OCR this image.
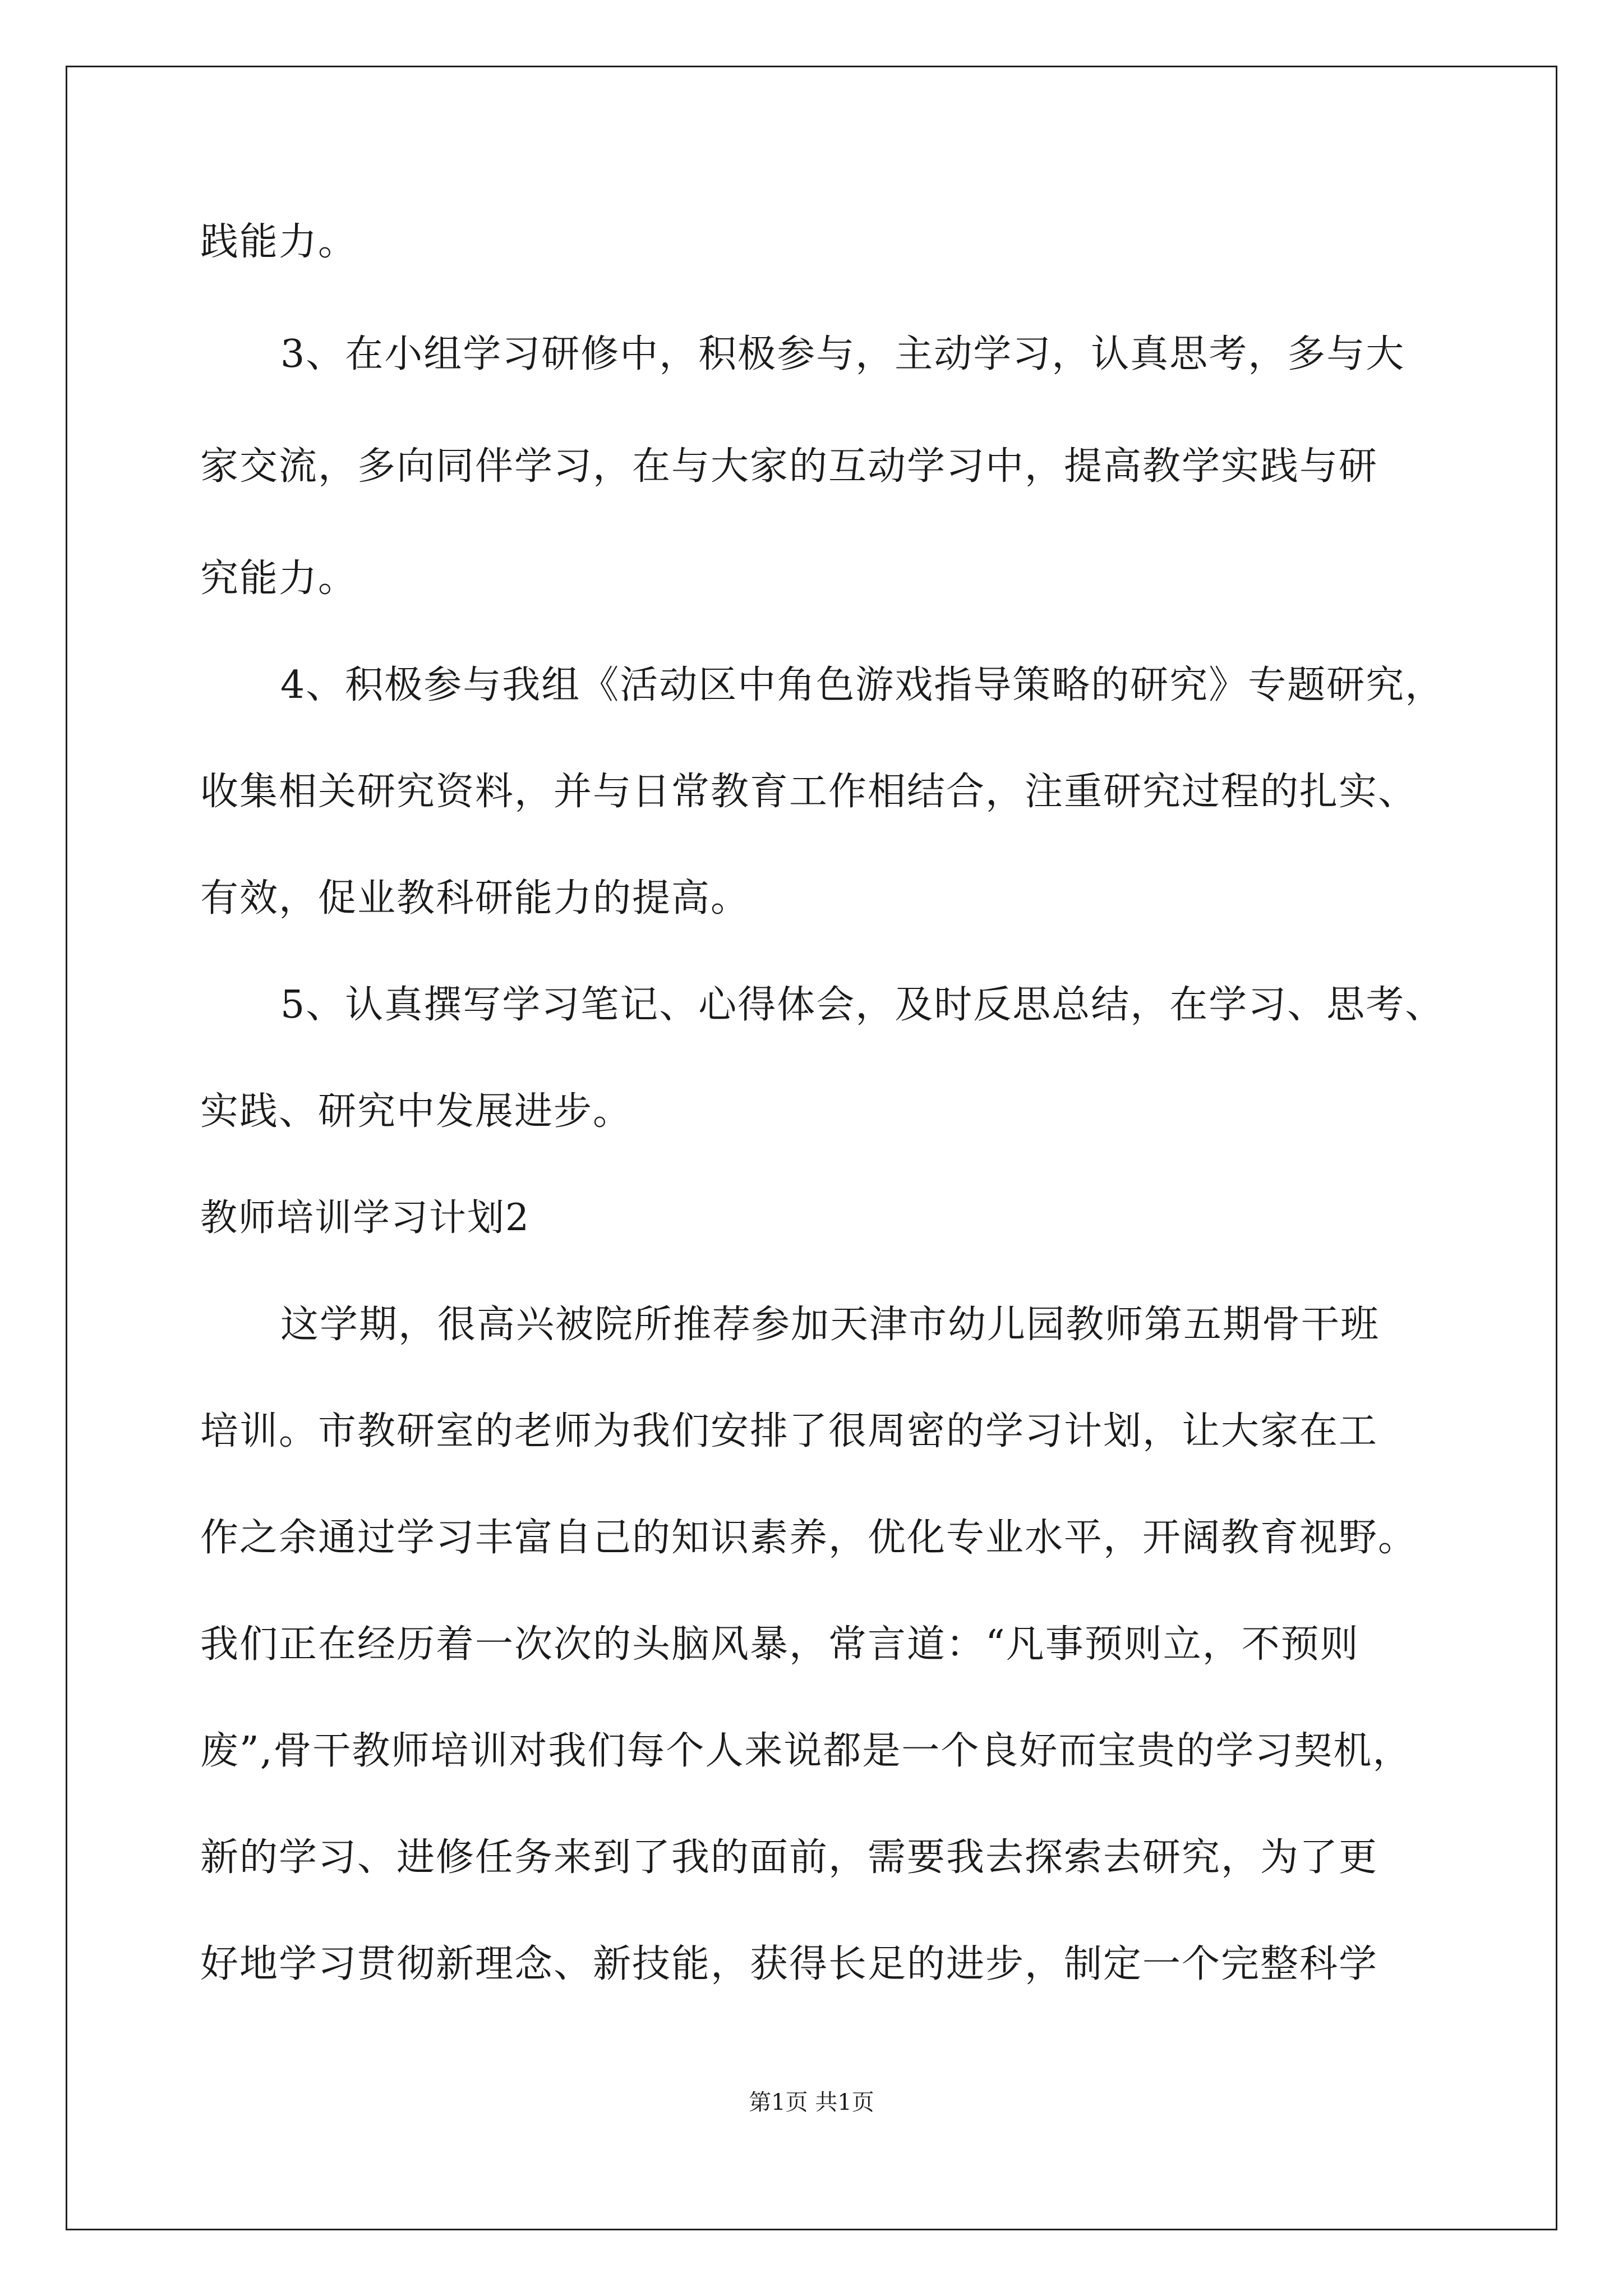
践能力。
3、在小组学习研修中，积极参与，主动学习，认真思考，多与大
家交流，多向同伴学习，在与大家的互动学习中，提高教学实践与研
究能力。
4、积极参与我组《活动区中角色游戏指导策略的研究》专题研究，
收集相关研究资料，并与日常教育工作相结合，注重研究过程的扎实、
有效，促业教科研能力的提高。
5、认真撰写学习笔记、心得体会，及时反思总结，在学习、思考、
实践、研究中发展进步。
教师培训学习计划2
这学期，很高兴被院所推荐参加天津市幼儿园教师第五期骨干班
培训。市教研室的老师为我们安排了很周密的学习计划，让大家在工
作之余通过学习丰富自己的知识素养，优化专业水平，开阔教育视野。
我们正在经历着一次次的头脑风暴，常言道：“凡事预则立，不预则
废”,骨干教师培训对我们每个人来说都是一个良好而宝贵的学习契机，
新的学习、进修任务来到了我的面前，需要我去探索去研究，为了更
好地学习贯彻新理念、新技能，获得长足的进步，制定一个完整科学
第1页 共1页
